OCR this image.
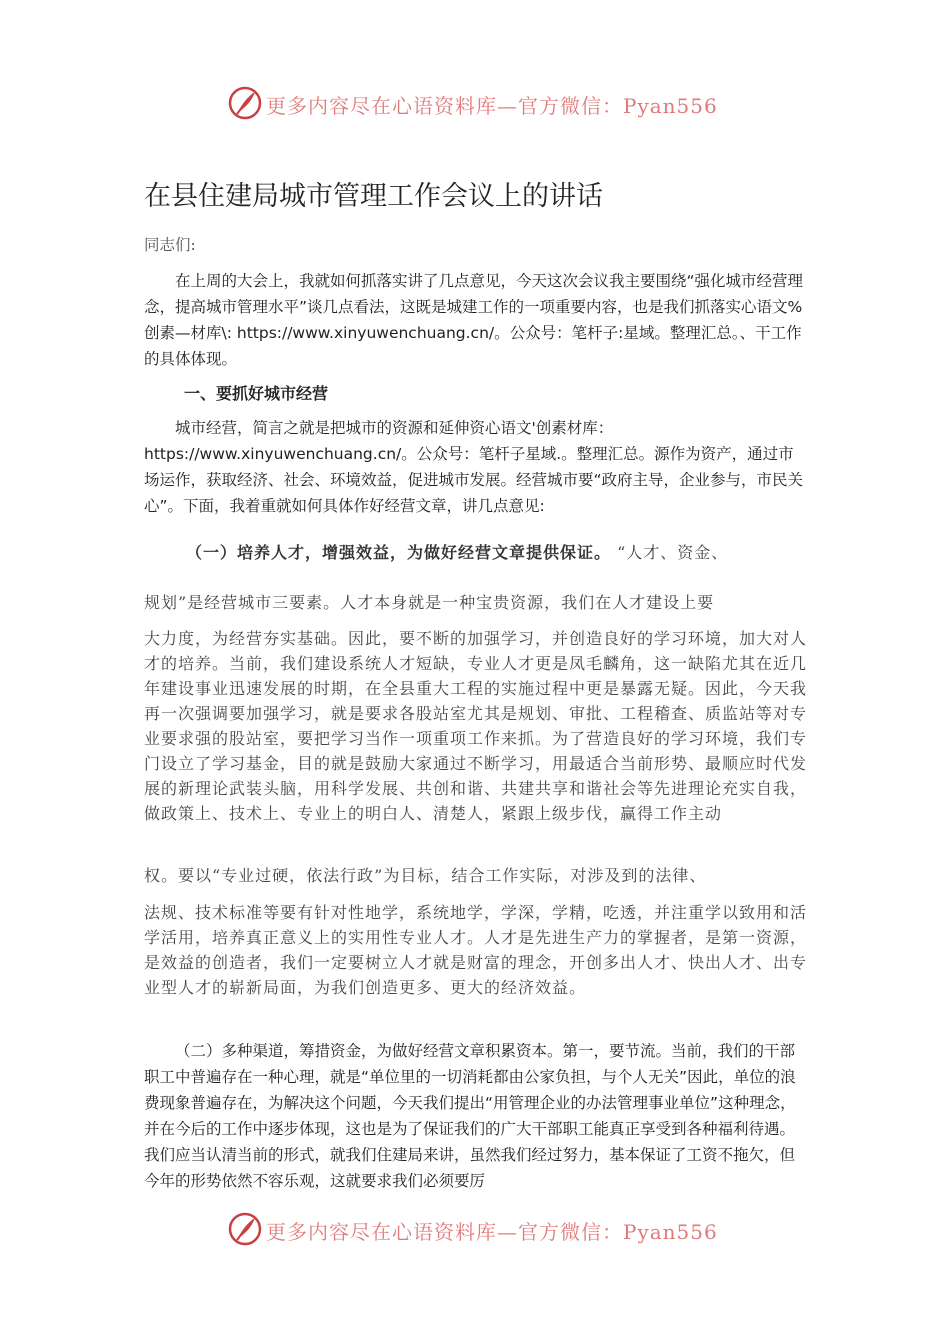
更多内容尽在心语资料库—官方微信：Pyan556
在县住建局城市管理工作会议上的讲话

同志们:

在上周的大会上，我就如何抓落实讲了几点意见，今天这次会议我主要围绕“强化城市经营理念，提高城市管理水平”谈几点看法，这既是城建工作的一项重要内容，也是我们抓落实心语文%创素—材库\: https://www.xinyuwenchuang.cn/。公众号：笔杆子:星域。整理汇总。、干工作的具体体现。

一、要抓好城市经营

城市经营，简言之就是把城市的资源和延伸资心语文'创素材库：https://www.xinyuwenchuang.cn/。公众号：笔杆子星域.。整理汇总。源作为资产，通过市场运作，获取经济、社会、环境效益，促进城市发展。经营城市要“政府主导，企业参与，市民关心”。下面，我着重就如何具体作好经营文章，讲几点意见:

（一）培养人才，增强效益，为做好经营文章提供保证。 “人才、资金、
规划”是经营城市三要素。人才本身就是一种宝贵资源，我们在人才建设上要

大力度，为经营夯实基础。因此，要不断的加强学习，并创造良好的学习环境，加大对人才的培养。当前，我们建设系统人才短缺，专业人才更是凤毛麟角，这一缺陷尤其在近几年建设事业迅速发展的时期，在全县重大工程的实施过程中更是暴露无疑。因此，今天我再一次强调要加强学习，就是要求各股站室尤其是规划、审批、工程稽查、质监站等对专业要求强的股站室，要把学习当作一项重项工作来抓。为了营造良好的学习环境，我们专门设立了学习基金，目的就是鼓励大家通过不断学习，用最适合当前形势、最顺应时代发展的新理论武装头脑，用科学发展、共创和谐、共建共享和谐社会等先进理论充实自我，做政策上、技术上、专业上的明白人、清楚人，紧跟上级步伐，赢得工作主动

权。要以“专业过硬，依法行政”为目标，结合工作实际，对涉及到的法律、

法规、技术标准等要有针对性地学，系统地学，学深，学精，吃透，并注重学以致用和活学活用，培养真正意义上的实用性专业人才。人才是先进生产力的掌握者，是第一资源，是效益的创造者，我们一定要树立人才就是财富的理念，开创多出人才、快出人才、出专业型人才的崭新局面，为我们创造更多、更大的经济效益。

（二）多种渠道，筹措资金，为做好经营文章积累资本。第一，要节流。当前，我们的干部职工中普遍存在一种心理，就是“单位里的一切消耗都由公家负担，与个人无关”因此，单位的浪费现象普遍存在，为解决这个问题，今天我们提出“用管理企业的办法管理事业单位”这种理念，并在今后的工作中逐步体现，这也是为了保证我们的广大干部职工能真正享受到各种福利待遇。我们应当认清当前的形式，就我们住建局来讲，虽然我们经过努力，基本保证了工资不拖欠，但今年的形势依然不容乐观，这就要求我们必须要厉

更多内容尽在心语资料库—官方微信：Pyan556
